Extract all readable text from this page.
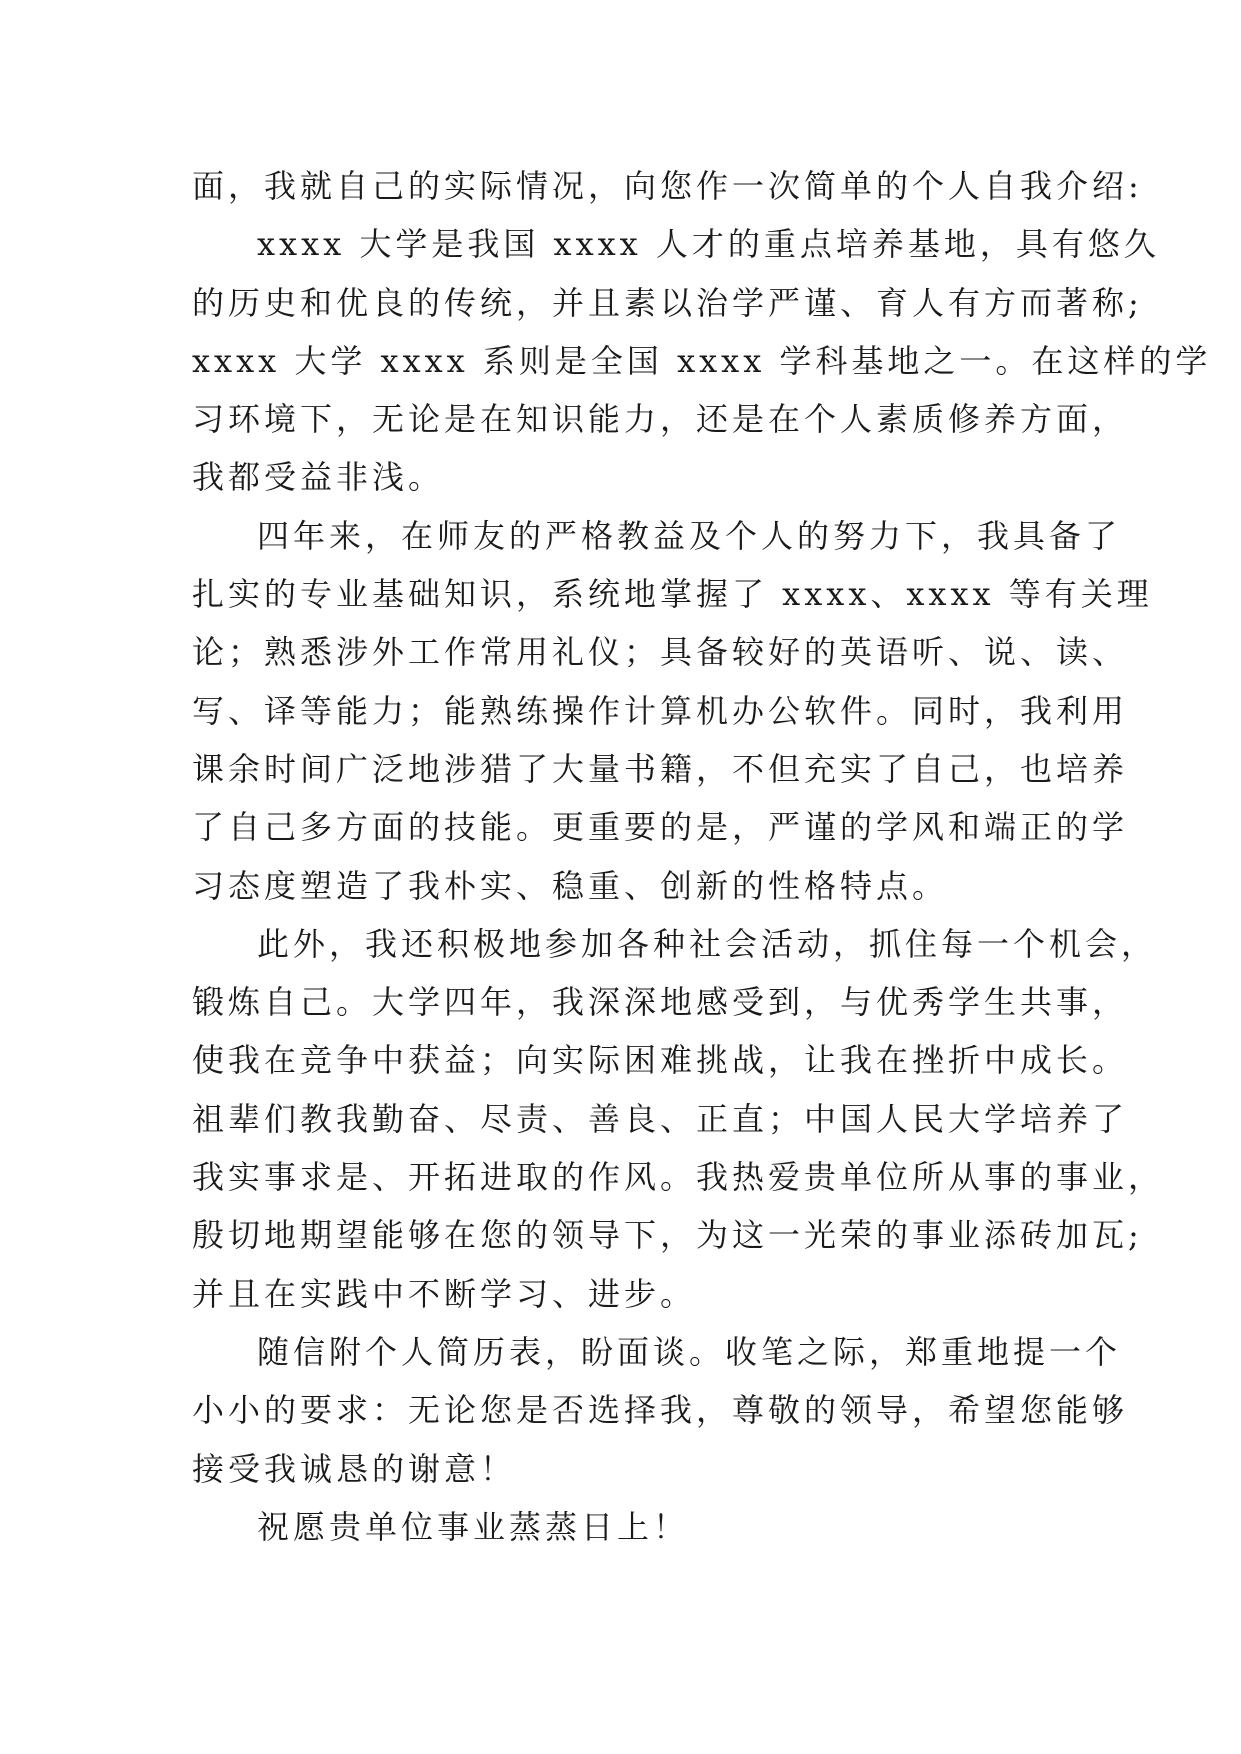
面，我就自己的实际情况，向您作一次简单的个人自我介绍:
xxxx 大学是我国 xxxx 人才的重点培养基地，具有悠久
的历史和优良的传统，并且素以治学严谨、育人有方而著称;
xxxx 大学 xxxx 系则是全国 xxxx 学科基地之一。在这样的学
习环境下，无论是在知识能力，还是在个人素质修养方面，
我都受益非浅。
四年来，在师友的严格教益及个人的努力下，我具备了
扎实的专业基础知识，系统地掌握了 xxxx、xxxx 等有关理
论；熟悉涉外工作常用礼仪；具备较好的英语听、说、读、
写、译等能力；能熟练操作计算机办公软件。同时，我利用
课余时间广泛地涉猎了大量书籍，不但充实了自己，也培养
了自己多方面的技能。更重要的是，严谨的学风和端正的学
习态度塑造了我朴实、稳重、创新的性格特点。
此外，我还积极地参加各种社会活动，抓住每一个机会，
锻炼自己。大学四年，我深深地感受到，与优秀学生共事，
使我在竞争中获益；向实际困难挑战，让我在挫折中成长。
祖辈们教我勤奋、尽责、善良、正直；中国人民大学培养了
我实事求是、开拓进取的作风。我热爱贵单位所从事的事业，
殷切地期望能够在您的领导下，为这一光荣的事业添砖加瓦;
并且在实践中不断学习、进步。
随信附个人简历表，盼面谈。收笔之际，郑重地提一个
小小的要求：无论您是否选择我，尊敬的领导，希望您能够
接受我诚恳的谢意！
祝愿贵单位事业蒸蒸日上！
